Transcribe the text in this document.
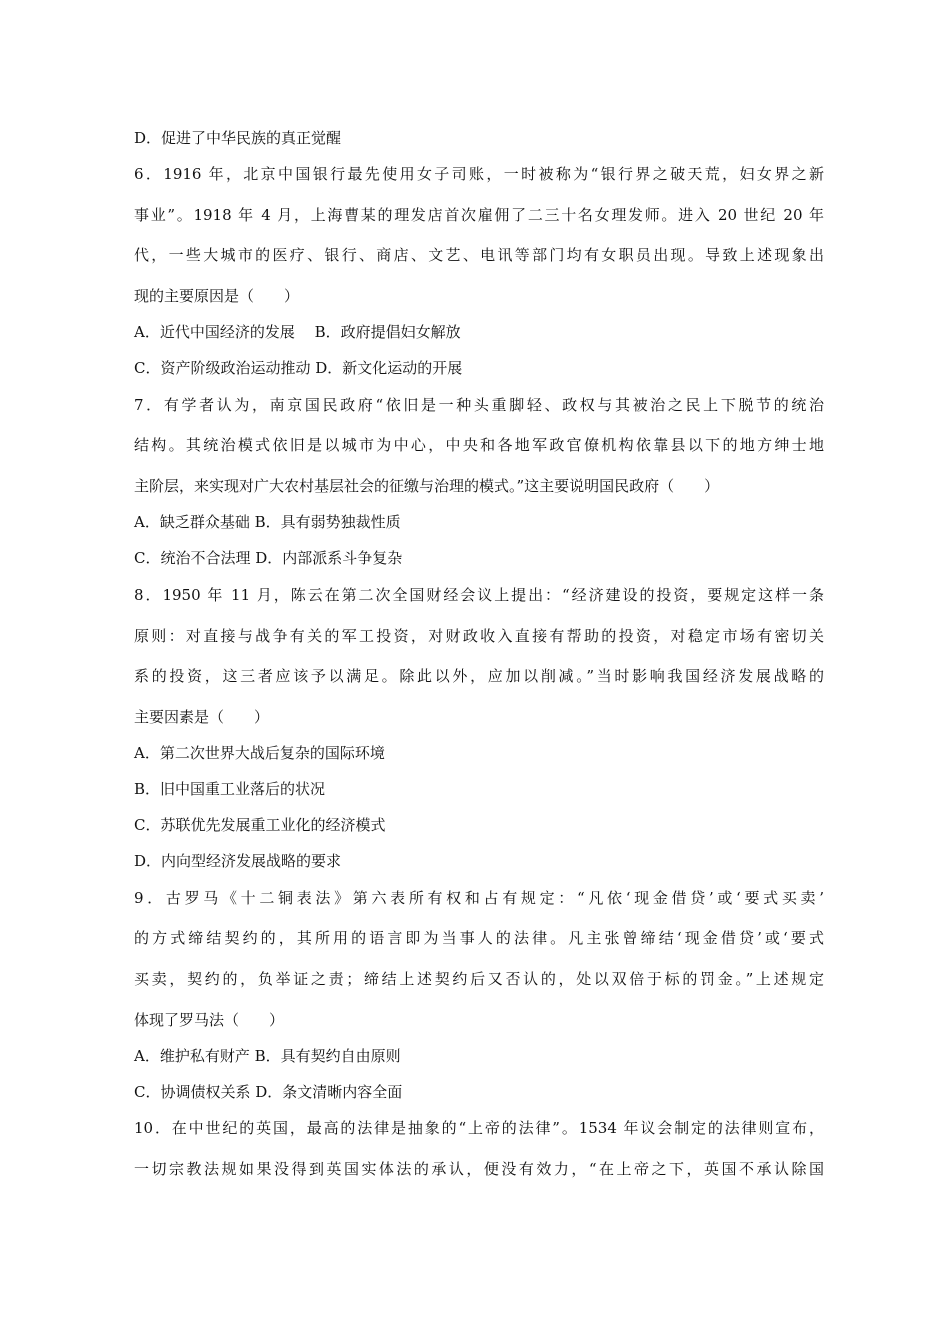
D．促进了中华民族的真正觉醒
6．1916 年，北京中国银行最先使用女子司账，一时被称为“银行界之破天荒，妇女界之新
事业”。1918 年 4 月，上海曹某的理发店首次雇佣了二三十名女理发师。进入 20 世纪 20 年
代，一些大城市的医疗、银行、商店、文艺、电讯等部门均有女职员出现。导致上述现象出
现的主要原因是（　　）
A．近代中国经济的发展　 B．政府提倡妇女解放
C．资产阶级政治运动推动 D．新文化运动的开展
7．有学者认为，南京国民政府“依旧是一种头重脚轻、政权与其被治之民上下脱节的统治
结构。其统治模式依旧是以城市为中心，中央和各地军政官僚机构依靠县以下的地方绅士地
主阶层，来实现对广大农村基层社会的征缴与治理的模式。”这主要说明国民政府（　　）
A．缺乏群众基础 B．具有弱势独裁性质
C．统治不合法理 D．内部派系斗争复杂
8．1950 年 11 月，陈云在第二次全国财经会议上提出：“经济建设的投资，要规定这样一条
原则：对直接与战争有关的军工投资，对财政收入直接有帮助的投资，对稳定市场有密切关
系的投资，这三者应该予以满足。除此以外，应加以削减。”当时影响我国经济发展战略的
主要因素是（　　）
A．第二次世界大战后复杂的国际环境
B．旧中国重工业落后的状况
C．苏联优先发展重工业化的经济模式
D．内向型经济发展战略的要求
9．古罗马《十二铜表法》第六表所有权和占有规定：“凡依‘现金借贷’或‘要式买卖’
的方式缔结契约的，其所用的语言即为当事人的法律。凡主张曾缔结‘现金借贷’或‘要式
买卖，契约的，负举证之责；缔结上述契约后又否认的，处以双倍于标的罚金。”上述规定
体现了罗马法（　　）
A．维护私有财产 B．具有契约自由原则
C．协调债权关系 D．条文清晰内容全面
10．在中世纪的英国，最高的法律是抽象的“上帝的法律”。1534 年议会制定的法律则宣布，
一切宗教法规如果没得到英国实体法的承认，便没有效力，“在上帝之下，英国不承认除国
